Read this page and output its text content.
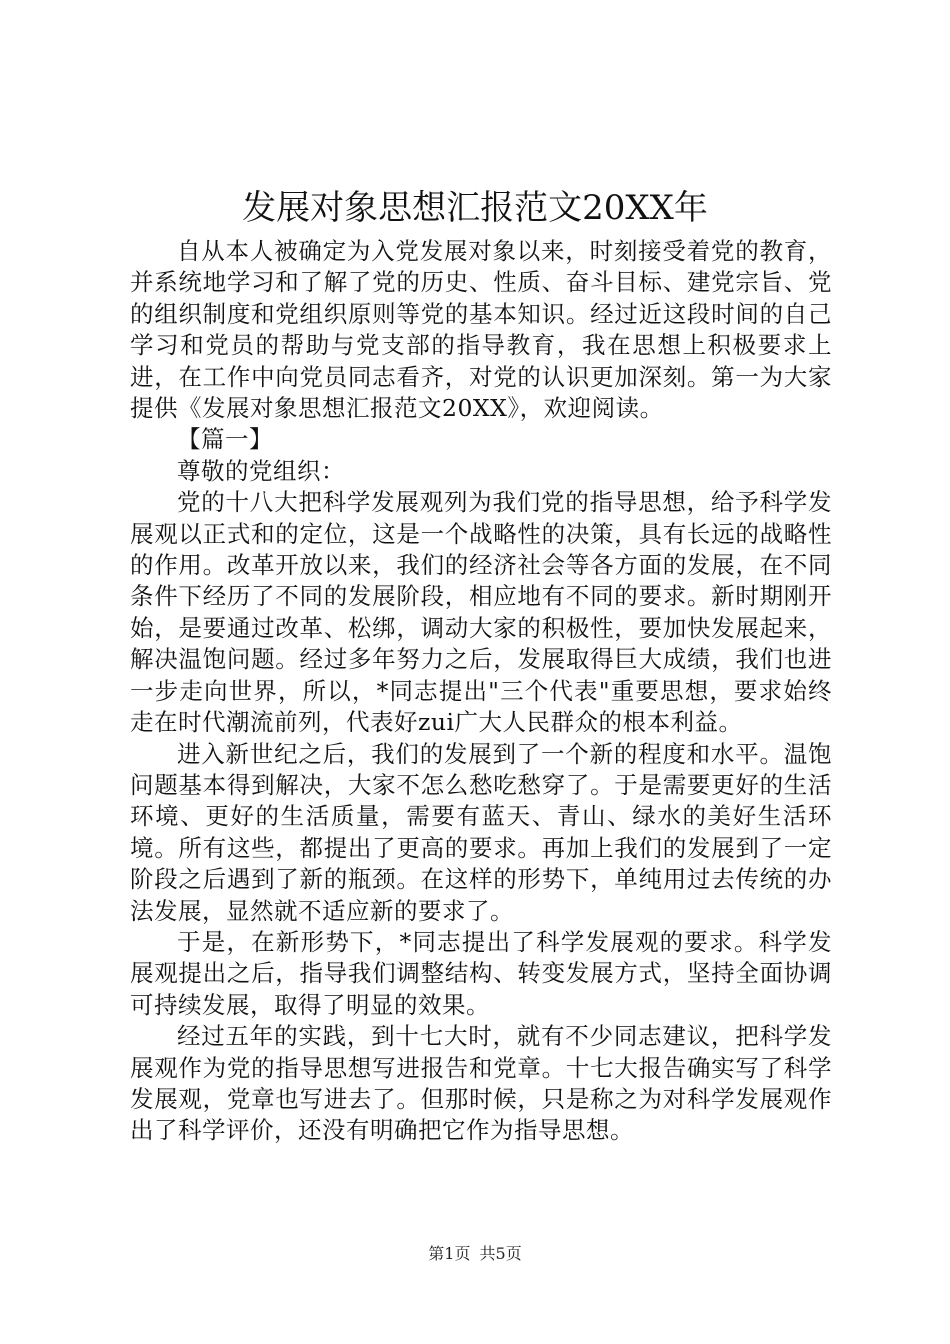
发展对象思想汇报范文20XX年

自从本人被确定为入党发展对象以来，时刻接受着党的教育，并系统地学习和了解了党的历史、性质、奋斗目标、建党宗旨、党的组织制度和党组织原则等党的基本知识。经过近这段时间的自己学习和党员的帮助与党支部的指导教育，我在思想上积极要求上进，在工作中向党员同志看齐，对党的认识更加深刻。第一为大家提供《发展对象思想汇报范文20XX》，欢迎阅读。

【篇一】

尊敬的党组织：

党的十八大把科学发展观列为我们党的指导思想，给予科学发展观以正式和的定位，这是一个战略性的决策，具有长远的战略性的作用。改革开放以来，我们的经济社会等各方面的发展，在不同条件下经历了不同的发展阶段，相应地有不同的要求。新时期刚开始，是要通过改革、松绑，调动大家的积极性，要加快发展起来，解决温饱问题。经过多年努力之后，发展取得巨大成绩，我们也进一步走向世界，所以，*同志提出"三个代表"重要思想，要求始终走在时代潮流前列，代表好zui广大人民群众的根本利益。

进入新世纪之后，我们的发展到了一个新的程度和水平。温饱问题基本得到解决，大家不怎么愁吃愁穿了。于是需要更好的生活环境、更好的生活质量，需要有蓝天、青山、绿水的美好生活环境。所有这些，都提出了更高的要求。再加上我们的发展到了一定阶段之后遇到了新的瓶颈。在这样的形势下，单纯用过去传统的办法发展，显然就不适应新的要求了。

于是，在新形势下，*同志提出了科学发展观的要求。科学发展观提出之后，指导我们调整结构、转变发展方式，坚持全面协调可持续发展，取得了明显的效果。

经过五年的实践，到十七大时，就有不少同志建议，把科学发展观作为党的指导思想写进报告和党章。十七大报告确实写了科学发展观，党章也写进去了。但那时候，只是称之为对科学发展观作出了科学评价，还没有明确把它作为指导思想。

第1页 共5页
